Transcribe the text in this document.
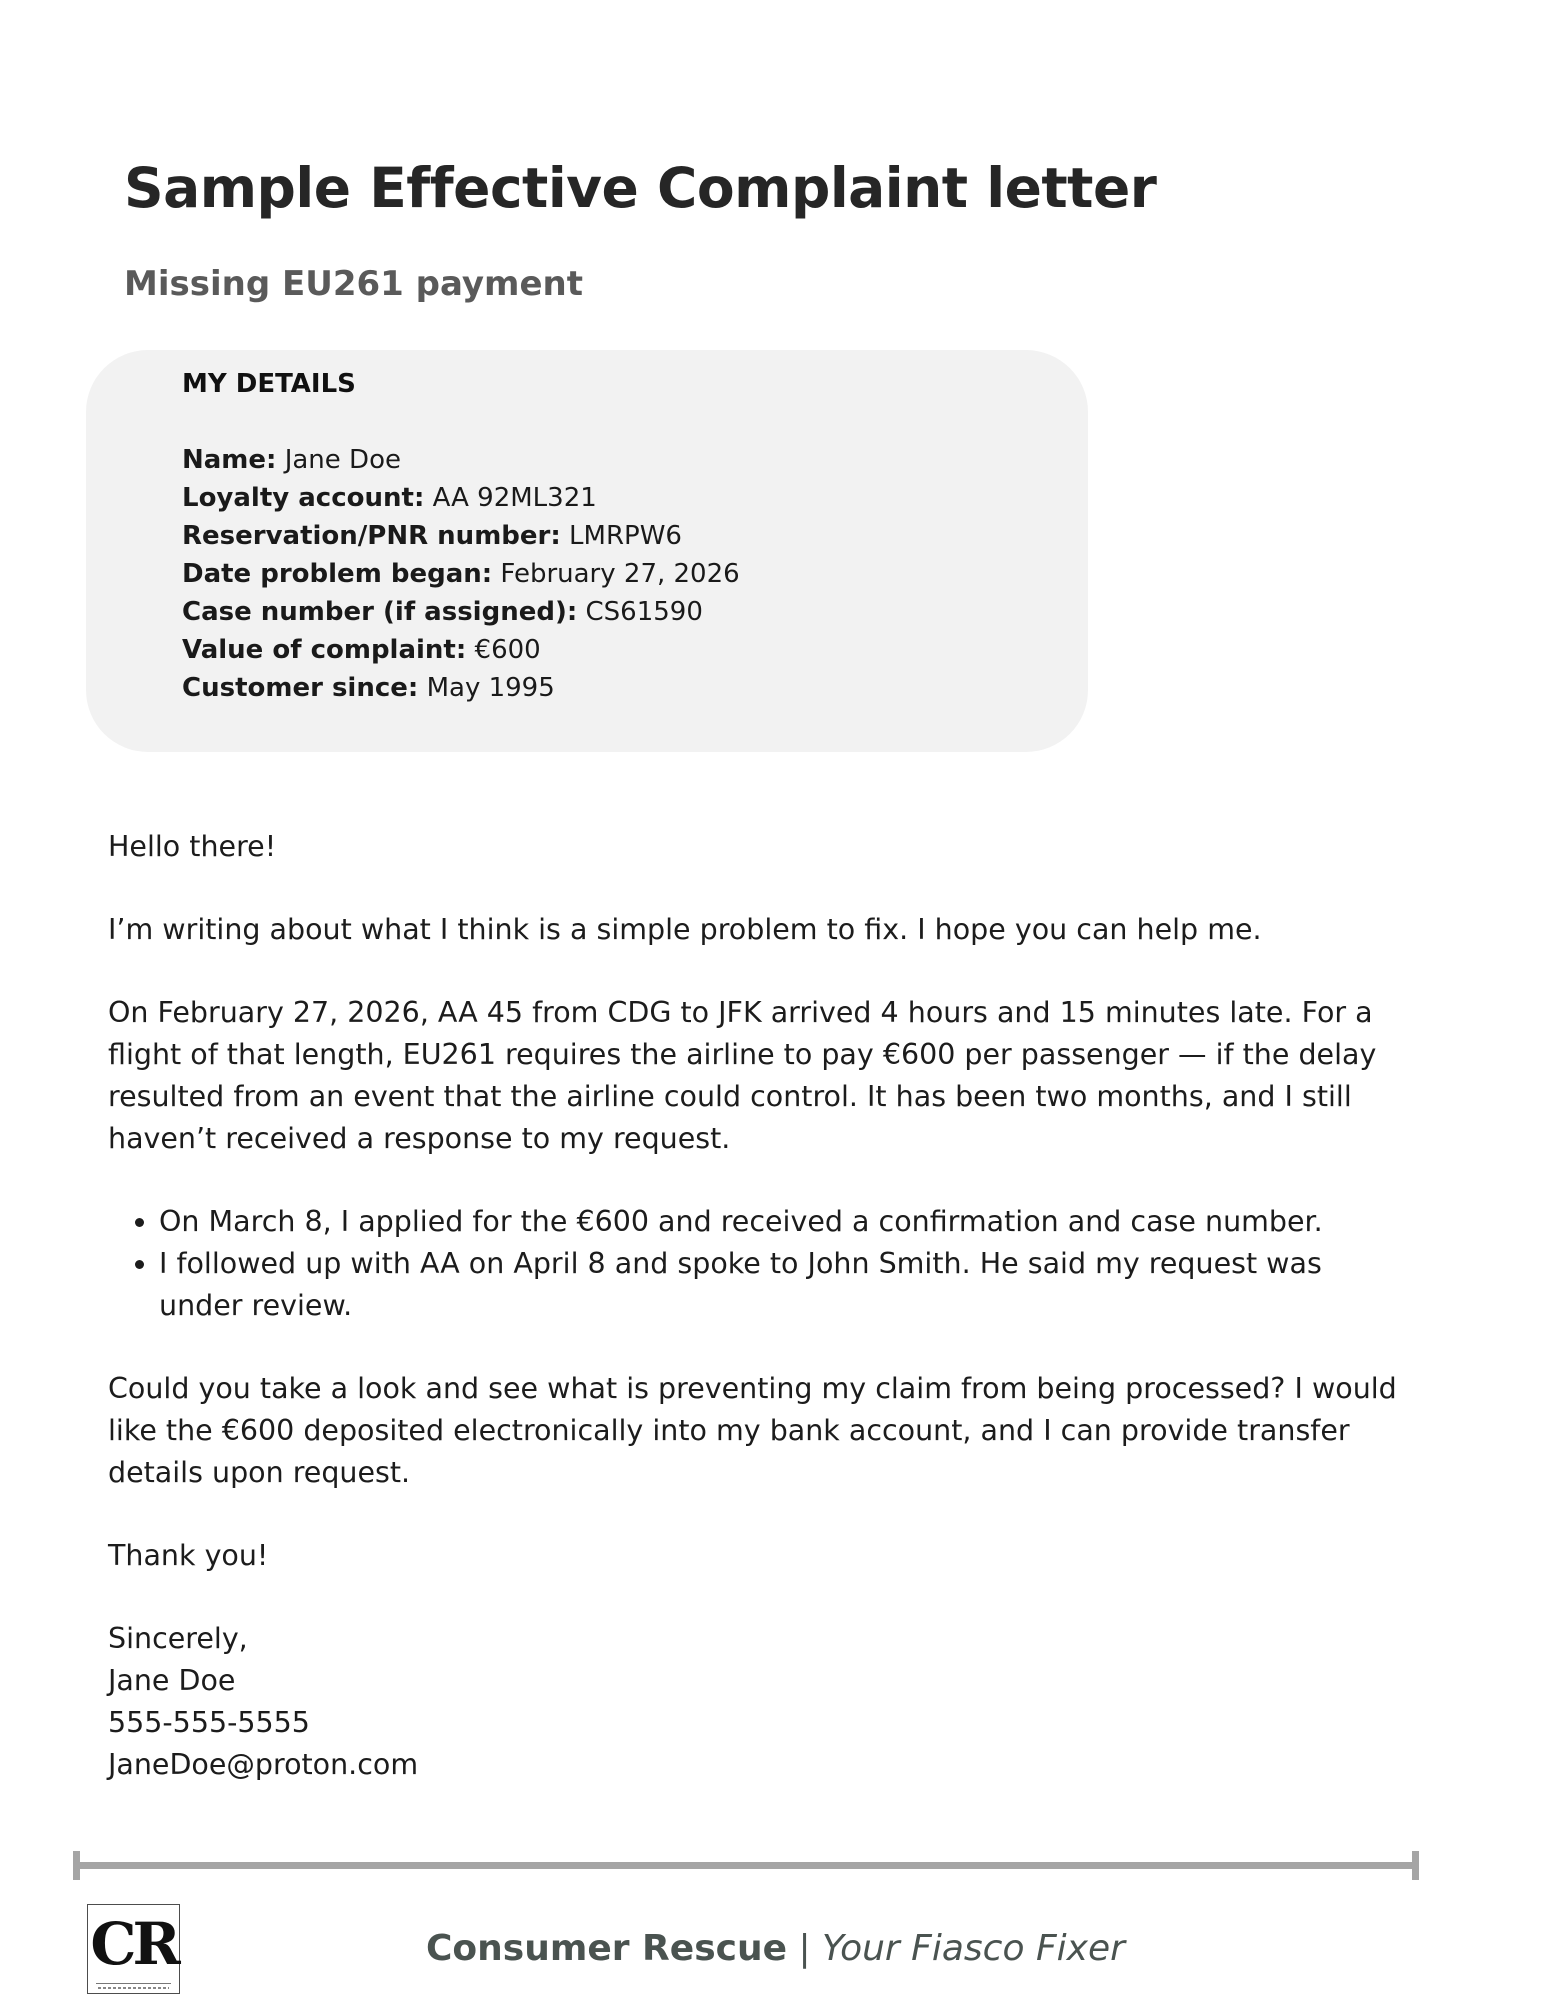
Sample Effective Complaint letter
Missing EU261 payment
MY DETAILS
Name: Jane Doe
Loyalty account: AA 92ML321
Reservation/PNR number: LMRPW6
Date problem began: February 27, 2026
Case number (if assigned): CS61590
Value of complaint: €600
Customer since: May 1995

Hello there!

I’m writing about what I think is a simple problem to fix. I hope you can help me.

On February 27, 2026, AA 45 from CDG to JFK arrived 4 hours and 15 minutes late. For a flight of that length, EU261 requires the airline to pay €600 per passenger — if the delay resulted from an event that the airline could control. It has been two months, and I still haven’t received a response to my request.

• On March 8, I applied for the €600 and received a confirmation and case number.
• I followed up with AA on April 8 and spoke to John Smith. He said my request was under review.

Could you take a look and see what is preventing my claim from being processed? I would like the €600 deposited electronically into my bank account, and I can provide transfer details upon request.

Thank you!

Sincerely,

Jane Doe

555-555-5555

JaneDoe@proton.com

CR	Consumer Rescue | Your Fiasco Fixer
